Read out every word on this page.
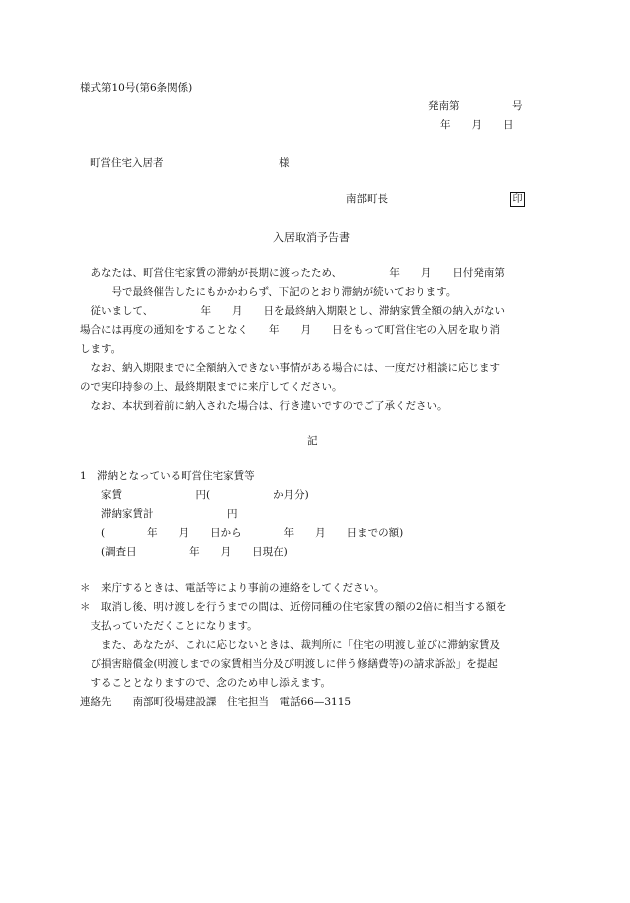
様式第10号(第6条関係)
発南第　　　　　号
年　　月　　日
町営住宅入居者　　　　　　　　　　　様
南部町長	印
入居取消予告書
　あなたは、町営住宅家賃の滞納が長期に渡ったため、　　　　　年　　月　　日付発南第
　　　号で最終催告したにもかかわらず、下記のとおり滞納が続いております。
　従いまして、　　　　　年　　月　　日を最終納入期限とし、滞納家賃全額の納入がない
場合には再度の通知をすることなく　　年　　月　　日をもって町営住宅の入居を取り消
します。
　なお、納入期限までに全額納入できない事情がある場合には、一度だけ相談に応じます
ので実印持参の上、最終期限までに来庁してください。
　なお、本状到着前に納入された場合は、行き違いですのでご了承ください。
記
1　滞納となっている町営住宅家賃等
　　家賃　　　　　　　円(　　　　　　か月分)
　　滞納家賃計　　　　　　　円
　　(　　　　年　　月　　日から　　　　年　　月　　日までの額)
　　(調査日　　　　　年　　月　　日現在)
＊　来庁するときは、電話等により事前の連絡をしてください。
＊　取消し後、明け渡しを行うまでの間は、近傍同種の住宅家賃の額の2倍に相当する額を
　支払っていただくことになります。
　　また、あなたが、これに応じないときは、裁判所に「住宅の明渡し並びに滞納家賃及
　び損害賠償金(明渡しまでの家賃相当分及び明渡しに伴う修繕費等)の請求訴訟」を提起
　することとなりますので、念のため申し添えます。
連絡先　　南部町役場建設課　住宅担当　電話66—3115
